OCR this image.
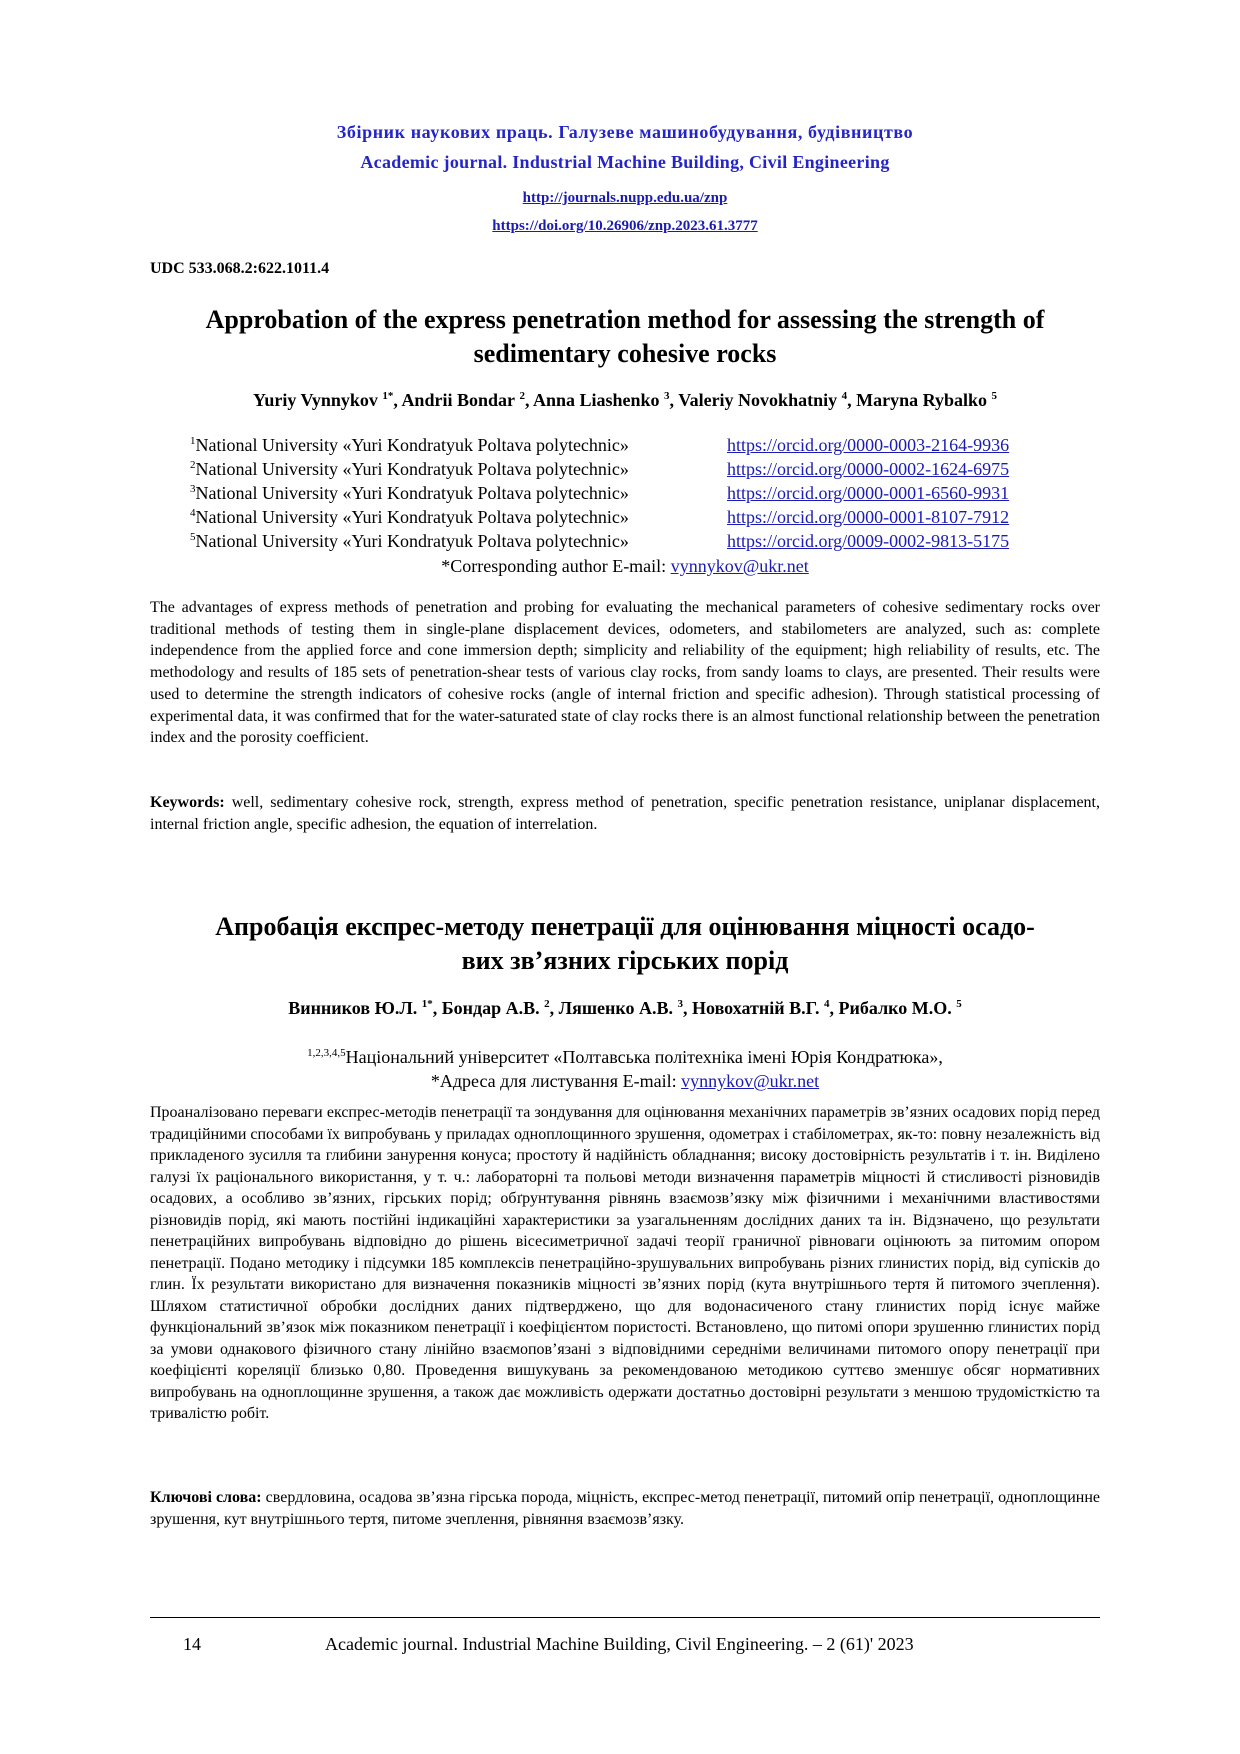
Збірник наукових праць. Галузеве машинобудування, будівництво
Academic journal. Industrial Machine Building, Civil Engineering
http://journals.nupp.edu.ua/znp
https://doi.org/10.26906/znp.2023.61.3777
UDC 533.068.2:622.1011.4
Approbation of the express penetration method for assessing the strength of
sedimentary cohesive rocks
Yuriy Vynnykov $^{1*}$, Andrii Bondar $^2$, Anna Liashenko $^3$, Valeriy Novokhatniy $^4$, Maryna Rybalko $^5$
$^1$National University «Yuri Kondratyuk Poltava polytechnic»	https://orcid.org/0000-0003-2164-9936
$^2$National University «Yuri Kondratyuk Poltava polytechnic»	https://orcid.org/0000-0002-1624-6975
$^3$National University «Yuri Kondratyuk Poltava polytechnic»	https://orcid.org/0000-0001-6560-9931
$^4$National University «Yuri Kondratyuk Poltava polytechnic»	https://orcid.org/0000-0001-8107-7912
$^5$National University «Yuri Kondratyuk Poltava polytechnic»	https://orcid.org/0009-0002-9813-5175
*Corresponding author E-mail: vynnykov@ukr.net
The advantages of express methods of penetration and probing for evaluating the mechanical parameters of cohesive sedimentary rocks over traditional methods of testing them in single-plane displacement devices, odometers, and stabilometers are analyzed, such as: complete independence from the applied force and cone immersion depth; simplicity and reliability of the equipment; high reliability of results, etc. The methodology and results of 185 sets of penetration-shear tests of various clay rocks, from sandy loams to clays, are presented. Their results were used to determine the strength indicators of cohesive rocks (angle of internal friction and specific adhesion). Through statistical processing of experimental data, it was confirmed that for the water-saturated state of clay rocks there is an almost functional relationship between the penetration index and the porosity coefficient.
Keywords: well, sedimentary cohesive rock, strength, express method of penetration, specific penetration resistance, uniplanar displacement, internal friction angle, specific adhesion, the equation of interrelation.
Апробація експрес-методу пенетрації для оцінювання міцності осадо-
вих зв’язних гірських порід
Винников Ю.Л. $^{1*}$, Бондар А.В. $^2$, Ляшенко А.В. $^3$, Новохатній В.Г. $^4$, Рибалко М.О. $^5$
$^{1,2,3,4,5}$Національний університет «Полтавська політехніка імені Юрія Кондратюка»,
*Адреса для листування E-mail: vynnykov@ukr.net
Проаналізовано переваги експрес-методів пенетрації та зондування для оцінювання механічних параметрів зв’язних осадових порід перед традиційними способами їх випробувань у приладах одноплощинного зрушення, одометрах і стабілометрах, як-то: повну незалежність від прикладеного зусилля та глибини занурення конуса; простоту й надійність обладнання; високу достовірність результатів і т. ін. Виділено галузі їх раціонального використання, у т. ч.: лабораторні та польові методи визначення параметрів міцності й стисливості різновидів осадових, а особливо зв’язних, гірських порід; обґрунтування рівнянь взаємозв’язку між фізичними і механічними властивостями різновидів порід, які мають постійні індикаційні характеристики за узагальненням дослідних даних та ін. Відзначено, що результати пенетраційних випробувань відповідно до рішень вісесиметричної задачі теорії граничної рівноваги оцінюють за питомим опором пенетрації. Подано методику і підсумки 185 комплексів пенетраційно-зрушувальних випробувань різних глинистих порід, від супісків до глин. Їх результати використано для визначення показників міцності зв’язних порід (кута внутрішнього тертя й питомого зчеплення). Шляхом статистичної обробки дослідних даних підтверджено, що для водонасиченого стану глинистих порід існує майже функціональний зв’язок між показником пенетрації і коефіцієнтом пористості. Встановлено, що питомі опори зрушенню глинистих порід за умови однакового фізичного стану лінійно взаємопов’язані з відповідними середніми величинами питомого опору пенетрації при коефіцієнті кореляції близько 0,80. Проведення вишукувань за рекомендованою методикою суттєво зменшує обсяг нормативних випробувань на одноплощинне зрушення, а також дає можливість одержати достатньо достовірні результати з меншою трудомісткістю та тривалістю робіт.
Ключові слова: свердловина, осадова зв’язна гірська порода, міцність, експрес-метод пенетрації, питомий опір пенетрації, одноплощинне зрушення, кут внутрішнього тертя, питоме зчеплення, рівняння взаємозв’язку.
14	Academic journal. Industrial Machine Building, Civil Engineering. – 2 (61)' 2023
